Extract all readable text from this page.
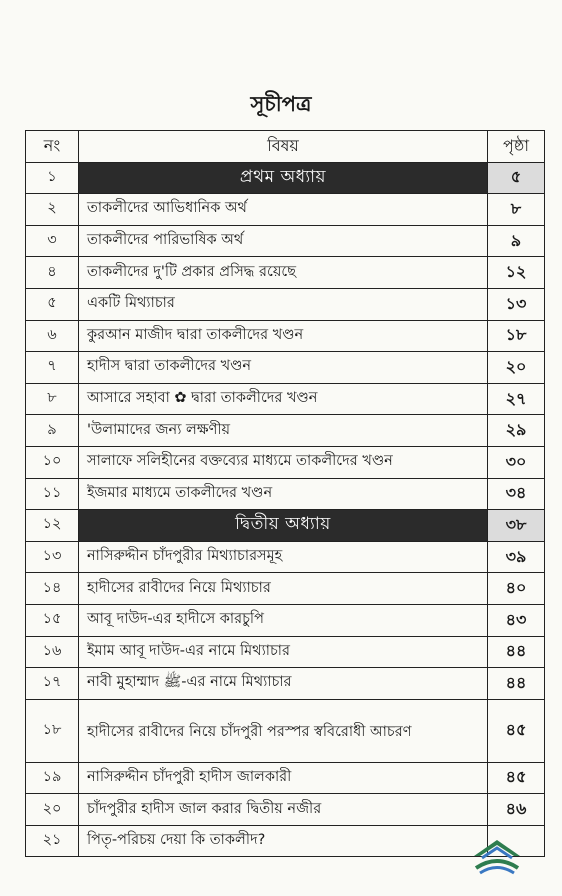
সূচীপত্র
নং	বিষয়	পৃষ্ঠা
১	প্রথম অধ্যায়	৫
২	তাকলীদের আভিধানিক অর্থ	৮
৩	তাকলীদের পারিভাষিক অর্থ	৯
৪	তাকলীদের দু'টি প্রকার প্রসিদ্ধ রয়েছে	১২
৫	একটি মিথ্যাচার	১৩
৬	কুরআন মাজীদ দ্বারা তাকলীদের খণ্ডন	১৮
৭	হাদীস দ্বারা তাকলীদের খণ্ডন	২০
৮	আসারে সহাবা ✿ দ্বারা তাকলীদের খণ্ডন	২৭
৯	'উলামাদের জন্য লক্ষণীয়	২৯
১০	সালাফে সলিহীনের বক্তব্যের মাধ্যমে তাকলীদের খণ্ডন	৩০
১১	ইজমার মাধ্যমে তাকলীদের খণ্ডন	৩৪
১২	দ্বিতীয় অধ্যায়	৩৮
১৩	নাসিরুদ্দীন চাঁদপুরীর মিথ্যাচারসমূহ	৩৯
১৪	হাদীসের রাবীদের নিয়ে মিথ্যাচার	৪০
১৫	আবূ দাউদ-এর হাদীসে কারচুপি	৪৩
১৬	ইমাম আবূ দাউদ-এর নামে মিথ্যাচার	৪৪
১৭	নাবী মুহাম্মাদ ﷺ-এর নামে মিথ্যাচার	৪৪
১৮	হাদীসের রাবীদের নিয়ে চাঁদপুরী পরস্পর স্ববিরোধী আচরণ	৪৫
১৯	নাসিরুদ্দীন চাঁদপুরী হাদীস জালকারী	৪৫
২০	চাঁদপুরীর হাদীস জাল করার দ্বিতীয় নজীর	৪৬
২১	পিতৃ-পরিচয় দেয়া কি তাকলীদ?	
